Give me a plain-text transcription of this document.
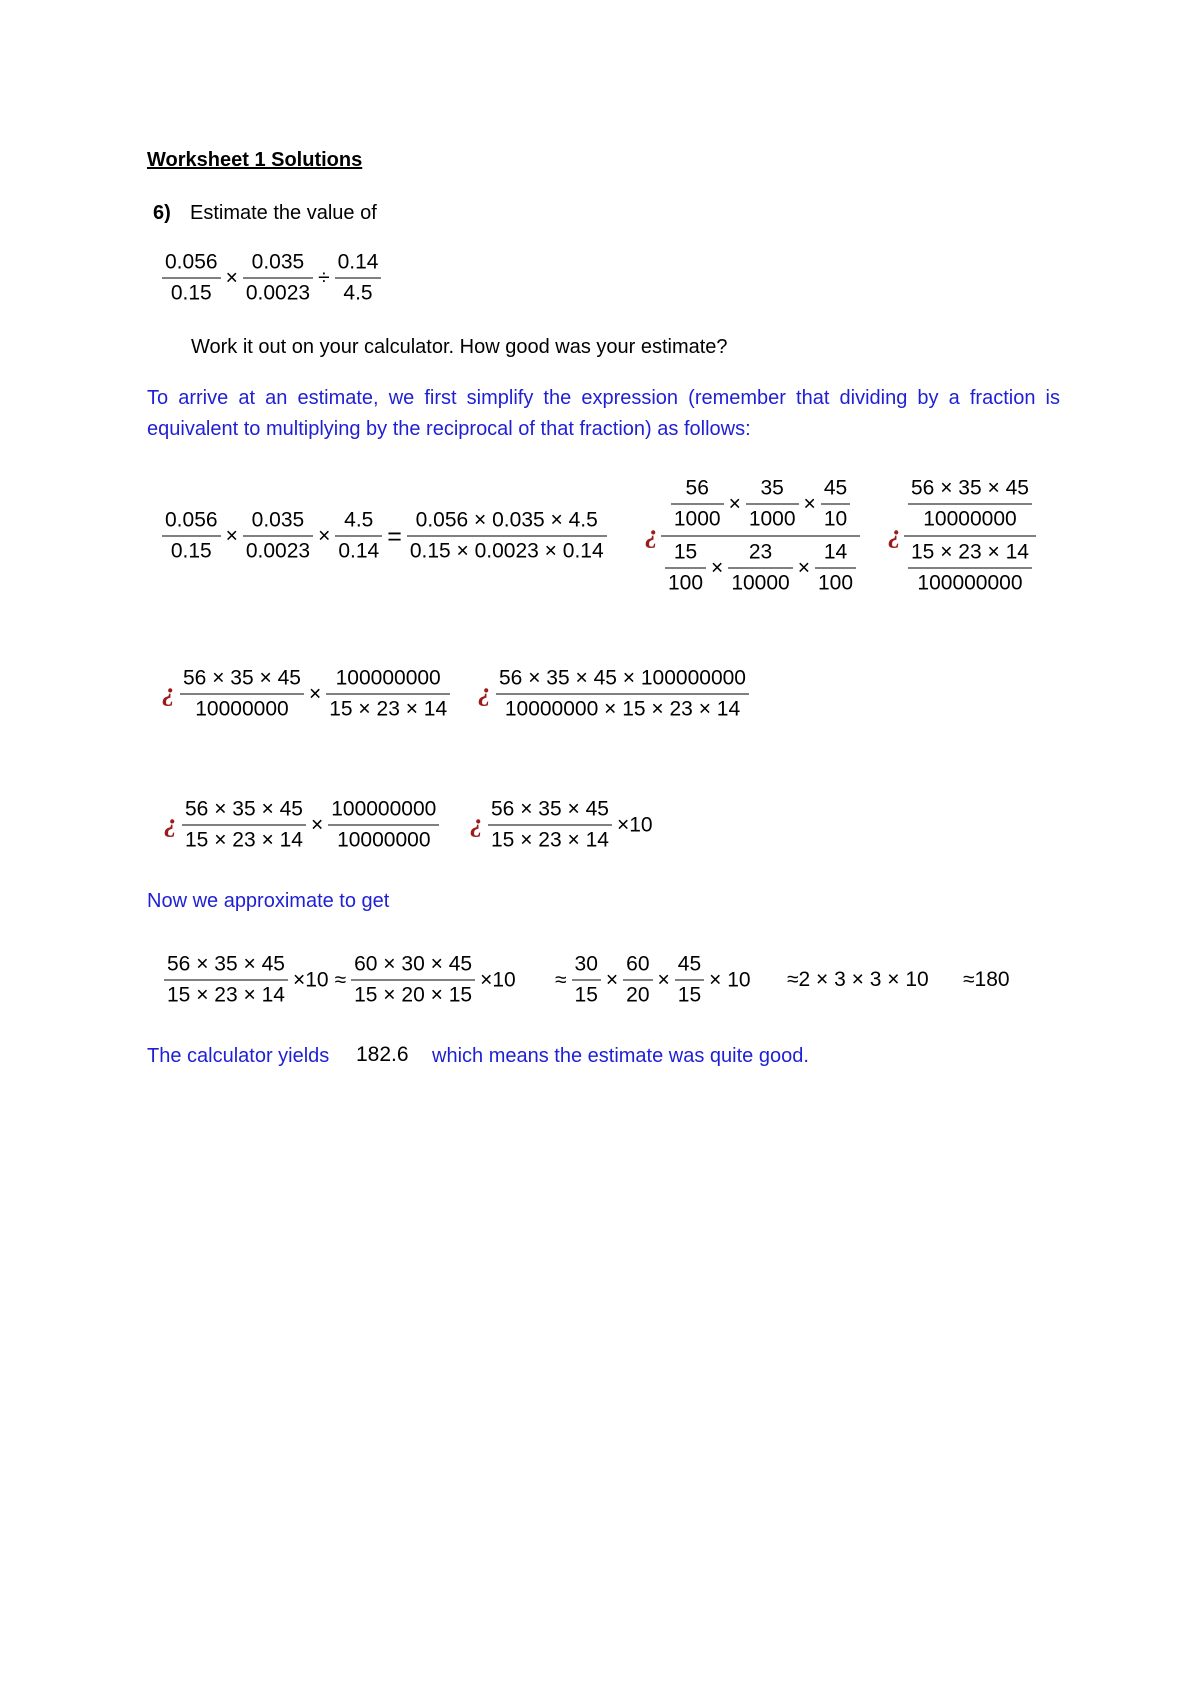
Worksheet 1 Solutions
6) Estimate the value of
$\frac{0.056}{0.15} \times \frac{0.035}{0.0023} \div \frac{0.14}{4.5}$
Work it out on your calculator. How good was your estimate?
To arrive at an estimate, we first simplify the expression (remember that dividing by a fraction is
equivalent to multiplying by the reciprocal of that fraction) as follows:
$\frac{0.056}{0.15} \times \frac{0.035}{0.0023} \times \frac{4.5}{0.14} = \frac{0.056 \times 0.035 \times 4.5}{0.15 \times 0.0023 \times 0.14}$ ¿ $\frac{\frac{56}{1000} \times \frac{35}{1000} \times \frac{45}{10}}{\frac{15}{100} \times \frac{23}{10000} \times \frac{14}{100}}$ ¿ $\frac{\frac{56 \times 35 \times 45}{10000000}}{\frac{15 \times 23 \times 14}{100000000}}$
¿ $\frac{56 \times 35 \times 45}{10000000} \times \frac{100000000}{15 \times 23 \times 14}$ ¿ $\frac{56 \times 35 \times 45 \times 100000000}{10000000 \times 15 \times 23 \times 14}$
¿ $\frac{56 \times 35 \times 45}{15 \times 23 \times 14} \times \frac{100000000}{10000000}$ ¿ $\frac{56 \times 35 \times 45}{15 \times 23 \times 14} \times 10$
Now we approximate to get
$\frac{56 \times 35 \times 45}{15 \times 23 \times 14} \times 10 \approx \frac{60 \times 30 \times 45}{15 \times 20 \times 15} \times 10 \approx \frac{30}{15} \times \frac{60}{20} \times \frac{45}{15} \times 10 \approx 2 \times 3 \times 3 \times 10 \approx 180$
The calculator yields 182.6 which means the estimate was quite good.
